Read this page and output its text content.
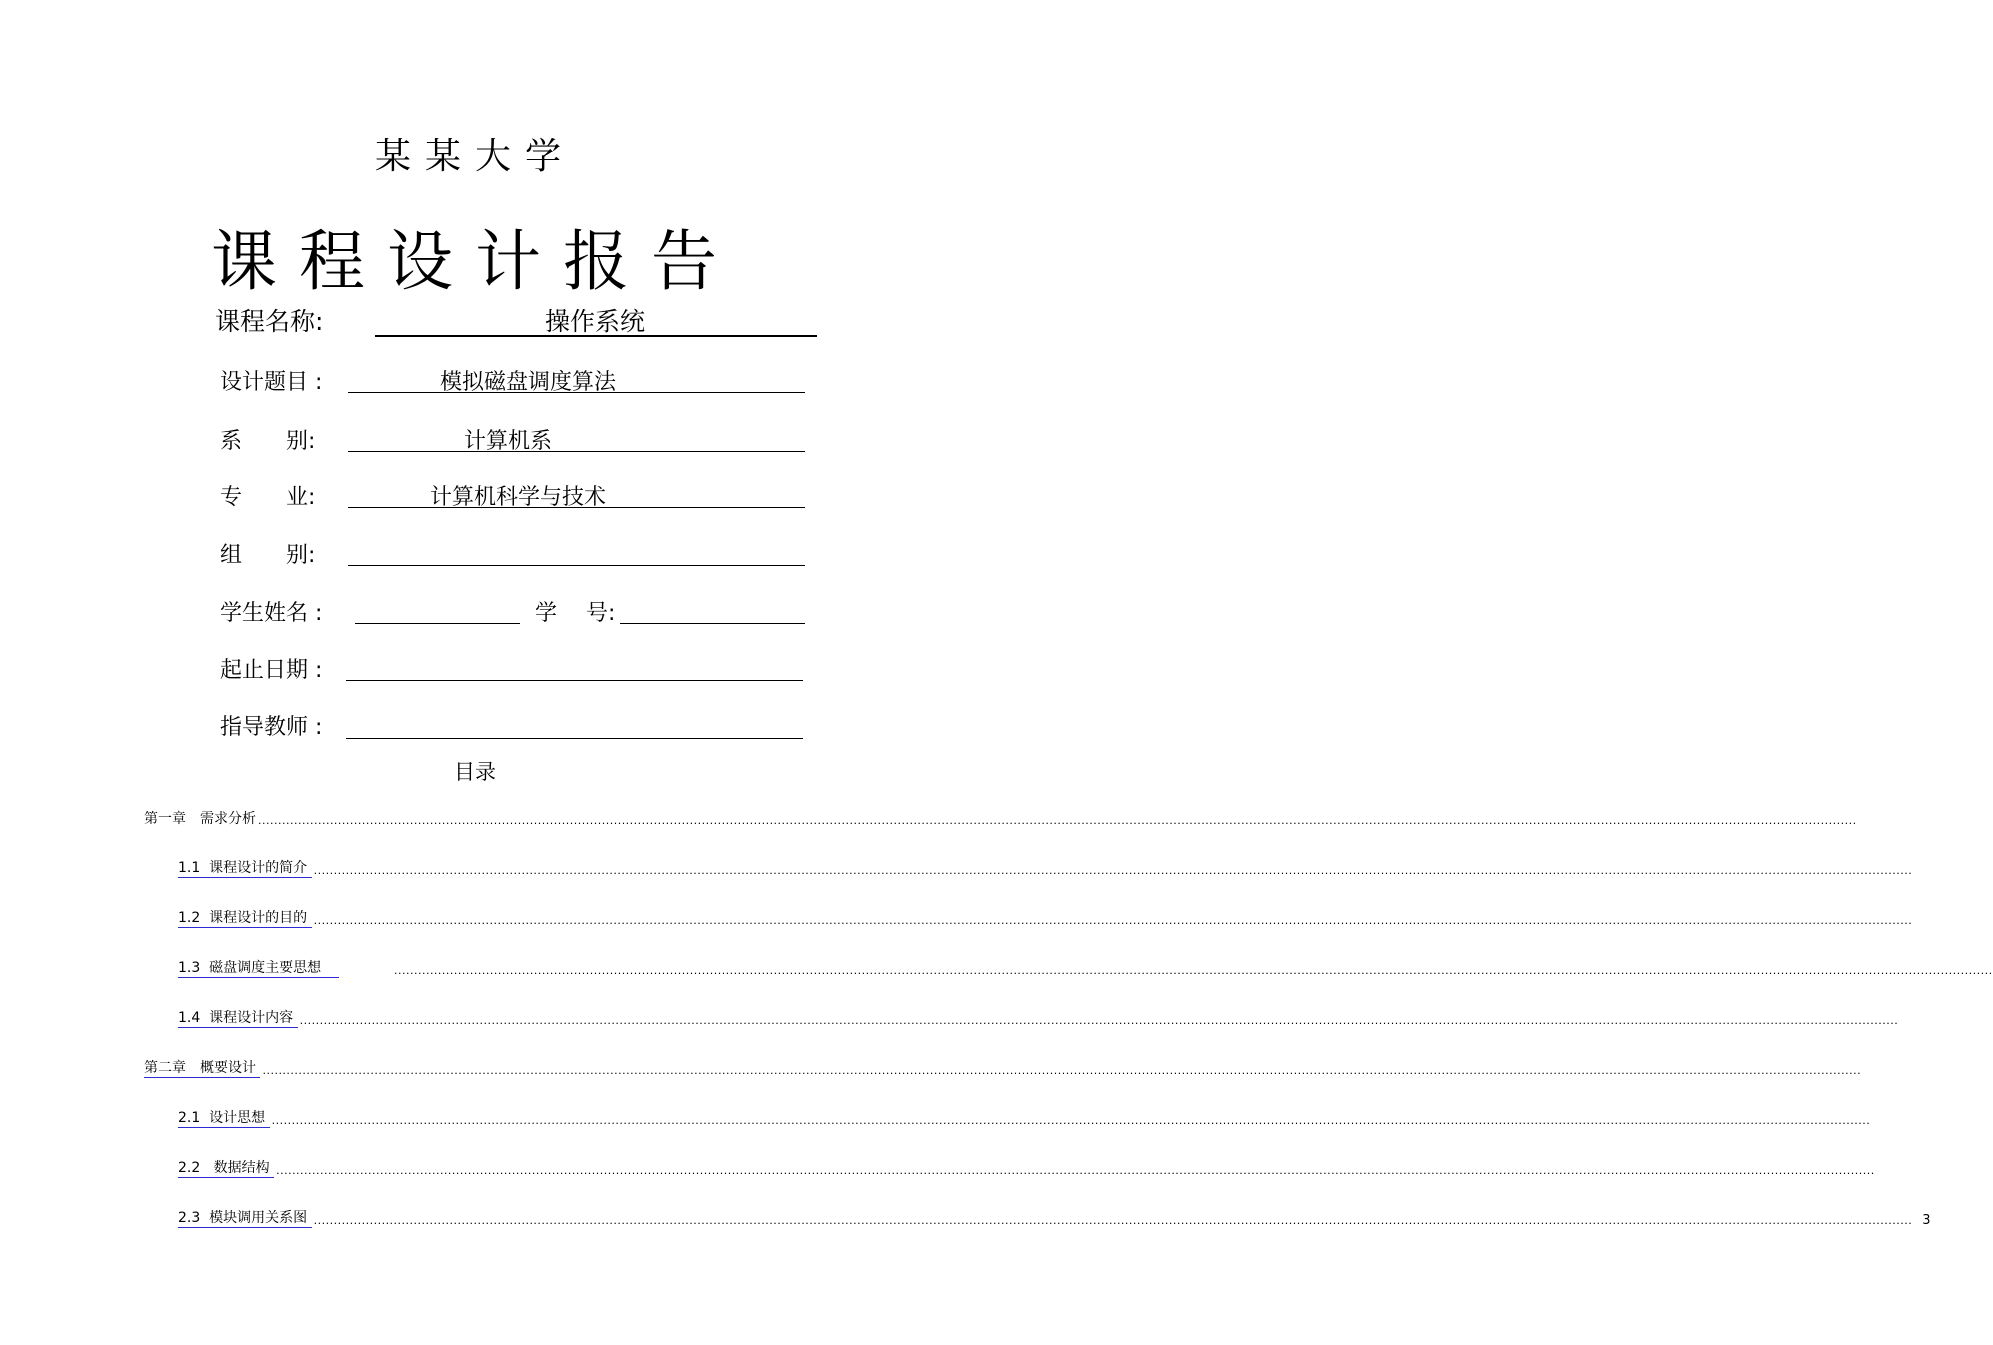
某某大学
课程设计报告
课程名称:	操作系统
设计题目 :	模拟磁盘调度算法
系　　别:	计算机系
专　　业:	计算机科学与技术
组　　别:
学生姓名 :	学　 号:
起止日期 :
指导教师 :
目录
第一章　需求分析 ................................................................................................................................................................................................................................................................................................................................................................................................................
1.1  课程设计的简介 ................................................................................................................................................................................................................................................................................................................................................................................................................
1.2  课程设计的目的 ................................................................................................................................................................................................................................................................................................................................................................................................................
1.3  磁盘调度主要思想	................................................................................................................................................................................................................................................................................................................................................................................................................
1.4  课程设计内容 ................................................................................................................................................................................................................................................................................................................................................................................................................
第二章　概要设计 ................................................................................................................................................................................................................................................................................................................................................................................................................
2.1  设计思想 ................................................................................................................................................................................................................................................................................................................................................................................................................
2.2   数据结构 ................................................................................................................................................................................................................................................................................................................................................................................................................
2.3  模块调用关系图 ................................................................................................................................................................................................................................................................................................................................................................................................................ 3
